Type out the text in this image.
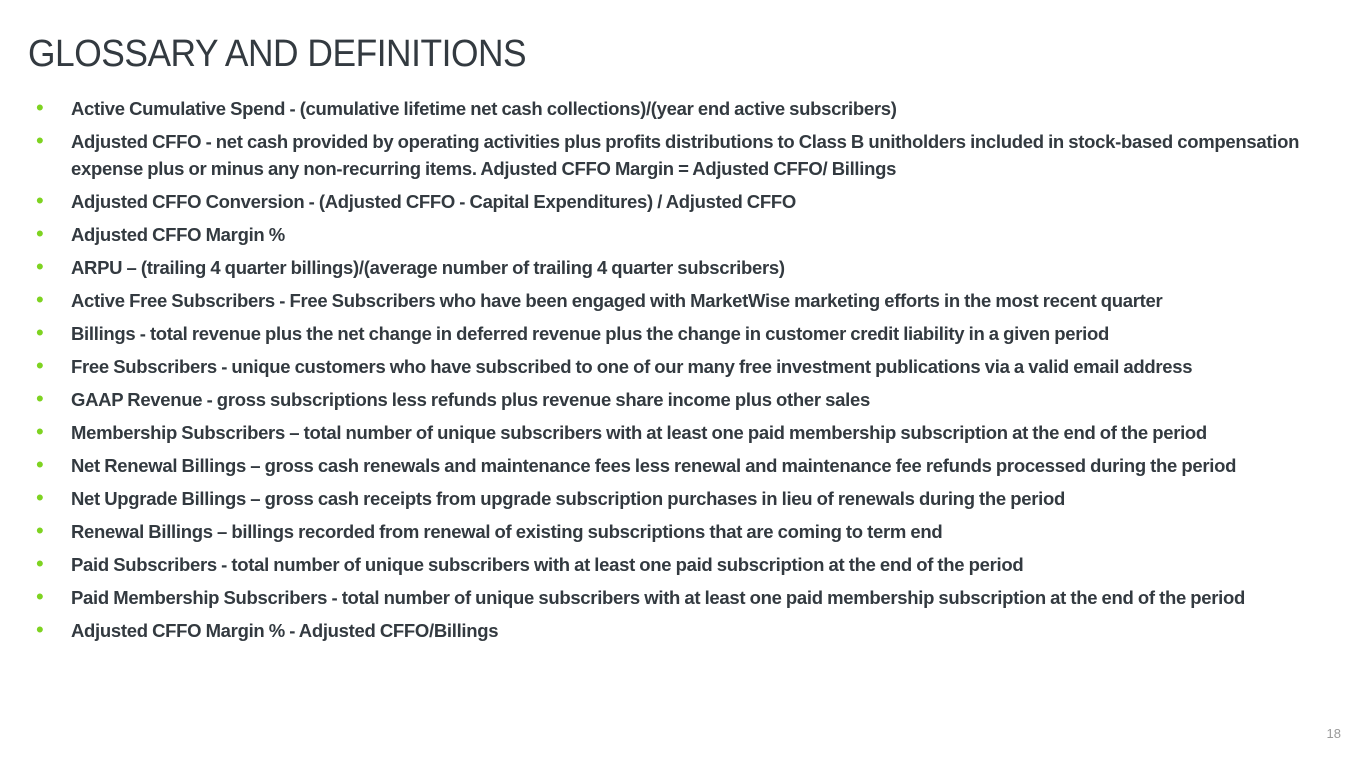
GLOSSARY AND DEFINITIONS
•	Active Cumulative Spend - (cumulative lifetime net cash collections)/(year end active subscribers)
•	Adjusted CFFO - net cash provided by operating activities plus profits distributions to Class B unitholders included in stock-based compensation expense plus or minus any non-recurring items. Adjusted CFFO Margin = Adjusted CFFO/ Billings
•	Adjusted CFFO Conversion - (Adjusted CFFO - Capital Expenditures) / Adjusted CFFO
•	Adjusted CFFO Margin %
•	ARPU – (trailing 4 quarter billings)/(average number of trailing 4 quarter subscribers)
•	Active Free Subscribers - Free Subscribers who have been engaged with MarketWise marketing efforts in the most recent quarter
•	Billings - total revenue plus the net change in deferred revenue plus the change in customer credit liability in a given period
•	Free Subscribers - unique customers who have subscribed to one of our many free investment publications via a valid email address
•	GAAP Revenue - gross subscriptions less refunds plus revenue share income plus other sales
•	Membership Subscribers – total number of unique subscribers with at least one paid membership subscription at the end of the period
•	Net Renewal Billings – gross cash renewals and maintenance fees less renewal and maintenance fee refunds processed during the period
•	Net Upgrade Billings – gross cash receipts from upgrade subscription purchases in lieu of renewals during the period
•	Renewal Billings – billings recorded from renewal of existing subscriptions that are coming to term end
•	Paid Subscribers - total number of unique subscribers with at least one paid subscription at the end of the period
•	Paid Membership Subscribers - total number of unique subscribers with at least one paid membership subscription at the end of the period
•	Adjusted CFFO Margin % - Adjusted CFFO/Billings
18
